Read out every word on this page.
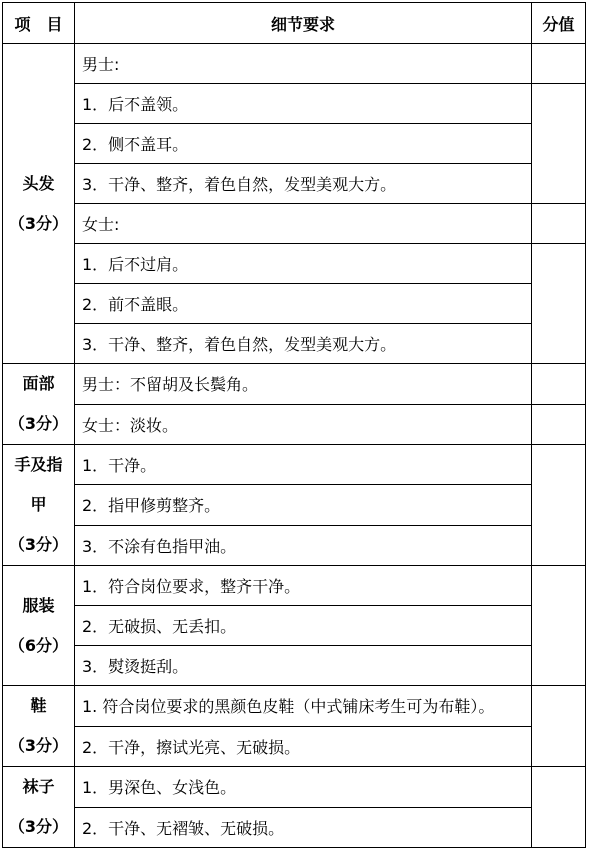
项　目	细节要求	分值

头发
（3分）	男士:	
	1．后不盖领。	
	2．侧不盖耳。	
	3．干净、整齐，着色自然，发型美观大方。	
	女士:	
	1．后不过肩。	
	2．前不盖眼。	
	3．干净、整齐，着色自然，发型美观大方。	

面部
（3分）	男士：不留胡及长鬓角。	
	女士：淡妆。	

手及指
甲
（3分）	1．干净。	
	2．指甲修剪整齐。	
	3．不涂有色指甲油。	

服装
（6分）	1．符合岗位要求，整齐干净。	
	2．无破损、无丢扣。	
	3．熨烫挺刮。	

鞋
（3分）	1. 符合岗位要求的黑颜色皮鞋（中式铺床考生可为布鞋）。	
	2．干净，擦试光亮、无破损。	

袜子
（3分）	1．男深色、女浅色。	
	2．干净、无褶皱、无破损。	
